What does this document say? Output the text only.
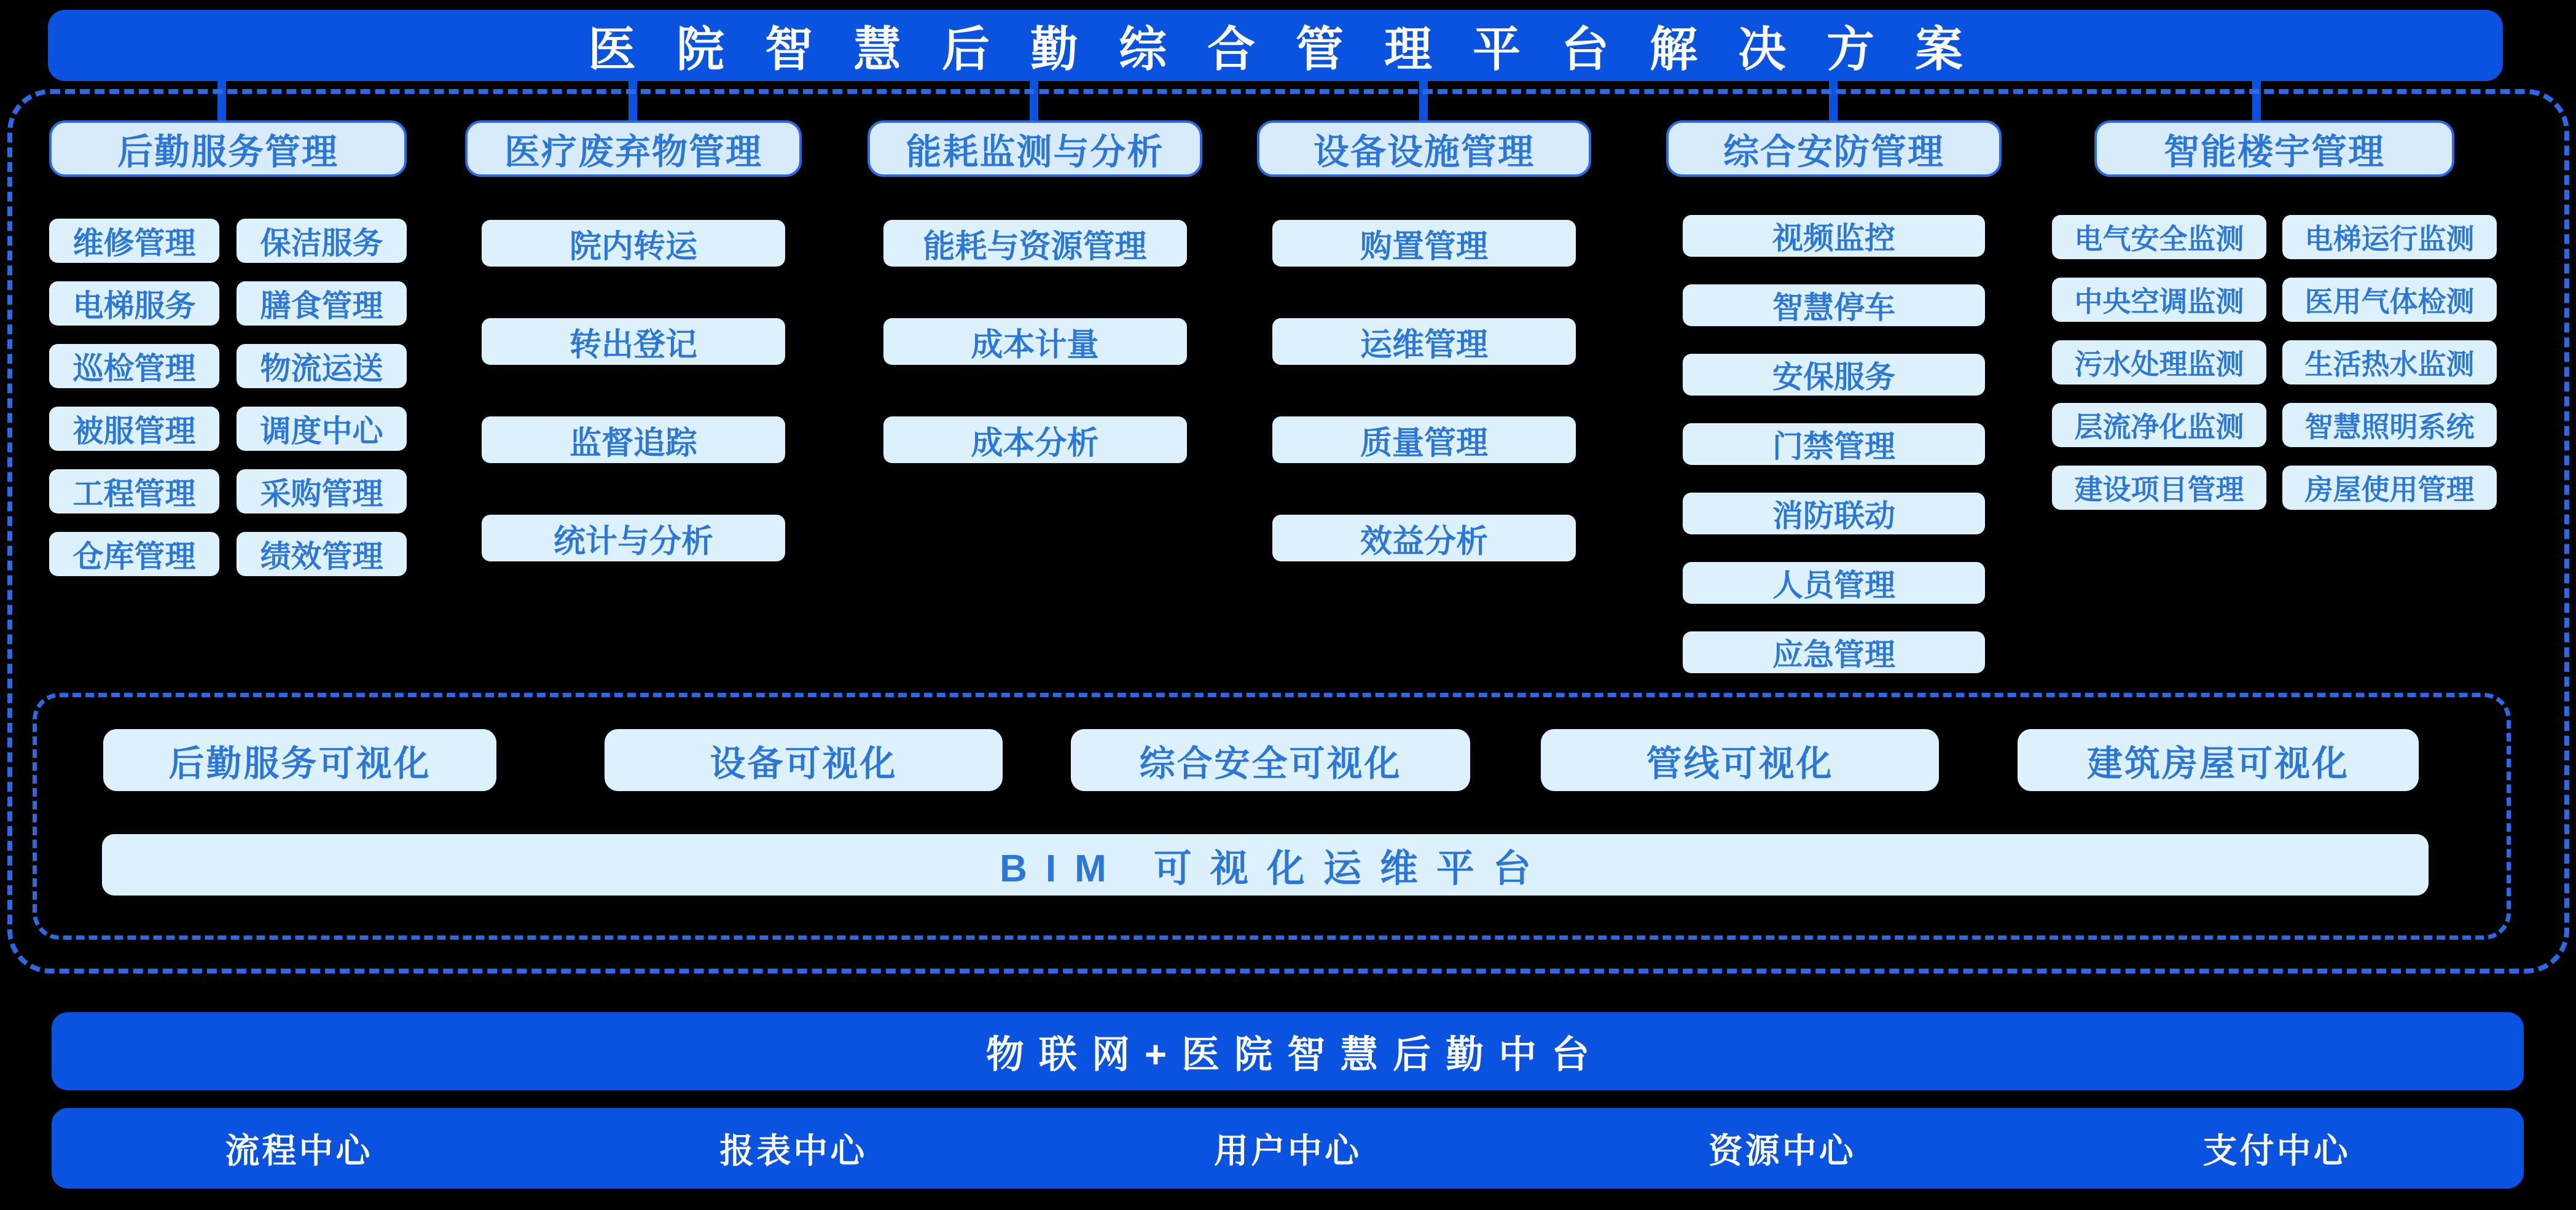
医院智慧后勤综合管理平台解决方案
后勤服务管理
维修管理	保洁服务
电梯服务	膳食管理
巡检管理	物流运送
被服管理	调度中心
工程管理	采购管理
仓库管理	绩效管理
医疗废弃物管理
院内转运
转出登记
监督追踪
统计与分析
能耗监测与分析
能耗与资源管理
成本计量
成本分析
设备设施管理
购置管理
运维管理
质量管理
效益分析
综合安防管理
视频监控
智慧停车
安保服务
门禁管理
消防联动
人员管理
应急管理
智能楼宇管理
电气安全监测	电梯运行监测
中央空调监测	医用气体检测
污水处理监测	生活热水监测
层流净化监测	智慧照明系统
建设项目管理	房屋使用管理
后勤服务可视化	设备可视化	综合安全可视化	管线可视化	建筑房屋可视化
BIM 可视化运维平台
物联网+医院智慧后勤中台
流程中心	报表中心	用户中心	资源中心	支付中心
